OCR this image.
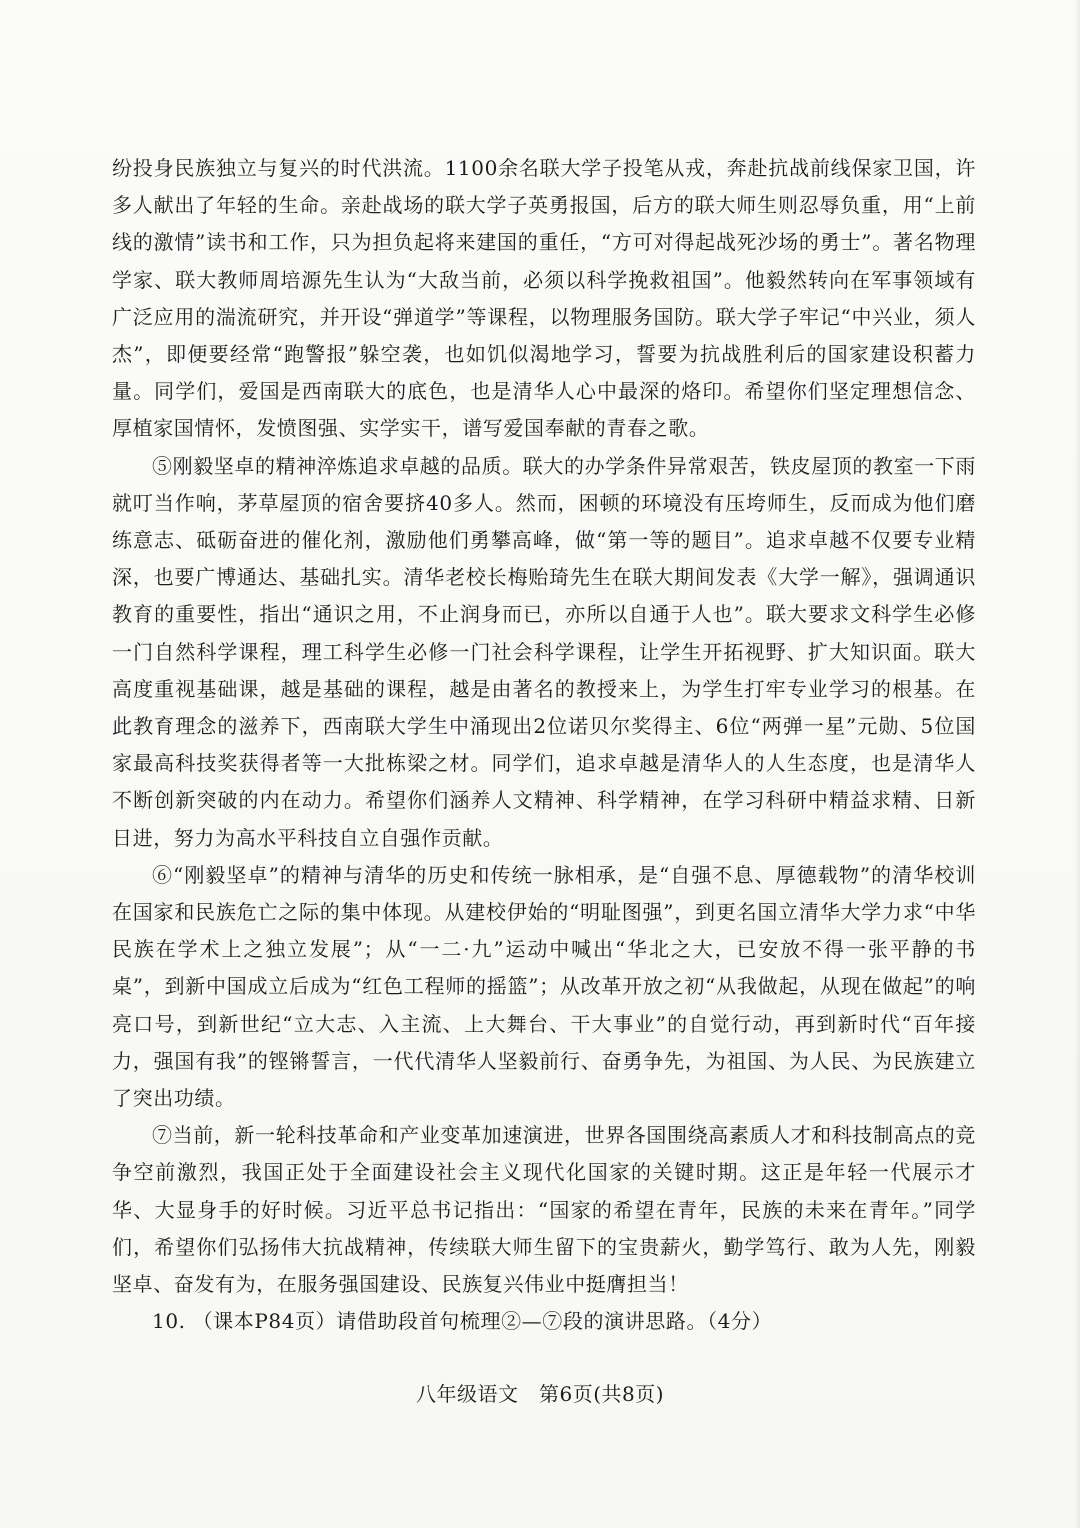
纷投身民族独立与复兴的时代洪流。1100余名联大学子投笔从戎，奔赴抗战前线保家卫国，许多人献出了年轻的生命。亲赴战场的联大学子英勇报国，后方的联大师生则忍辱负重，用“上前线的激情”读书和工作，只为担负起将来建国的重任，“方可对得起战死沙场的勇士”。著名物理学家、联大教师周培源先生认为“大敌当前，必须以科学挽救祖国”。他毅然转向在军事领域有广泛应用的湍流研究，并开设“弹道学”等课程，以物理服务国防。联大学子牢记“中兴业，须人杰”，即便要经常“跑警报”躲空袭，也如饥似渴地学习，誓要为抗战胜利后的国家建设积蓄力量。同学们，爱国是西南联大的底色，也是清华人心中最深的烙印。希望你们坚定理想信念、厚植家国情怀，发愤图强、实学实干，谱写爱国奉献的青春之歌。

⑤刚毅坚卓的精神淬炼追求卓越的品质。联大的办学条件异常艰苦，铁皮屋顶的教室一下雨就叮当作响，茅草屋顶的宿舍要挤40多人。然而，困顿的环境没有压垮师生，反而成为他们磨练意志、砥砺奋进的催化剂，激励他们勇攀高峰，做“第一等的题目”。追求卓越不仅要专业精深，也要广博通达、基础扎实。清华老校长梅贻琦先生在联大期间发表《大学一解》，强调通识教育的重要性，指出“通识之用，不止润身而已，亦所以自通于人也”。联大要求文科学生必修一门自然科学课程，理工科学生必修一门社会科学课程，让学生开拓视野、扩大知识面。联大高度重视基础课，越是基础的课程，越是由著名的教授来上，为学生打牢专业学习的根基。在此教育理念的滋养下，西南联大学生中涌现出2位诺贝尔奖得主、6位“两弹一星”元勋、5位国家最高科技奖获得者等一大批栋梁之材。同学们，追求卓越是清华人的人生态度，也是清华人不断创新突破的内在动力。希望你们涵养人文精神、科学精神，在学习科研中精益求精、日新日进，努力为高水平科技自立自强作贡献。

⑥“刚毅坚卓”的精神与清华的历史和传统一脉相承，是“自强不息、厚德载物”的清华校训在国家和民族危亡之际的集中体现。从建校伊始的“明耻图强”，到更名国立清华大学力求“中华民族在学术上之独立发展”；从“一二·九”运动中喊出“华北之大，已安放不得一张平静的书桌”，到新中国成立后成为“红色工程师的摇篮”；从改革开放之初“从我做起，从现在做起”的响亮口号，到新世纪“立大志、入主流、上大舞台、干大事业”的自觉行动，再到新时代“百年接力，强国有我”的铿锵誓言，一代代清华人坚毅前行、奋勇争先，为祖国、为人民、为民族建立了突出功绩。

⑦当前，新一轮科技革命和产业变革加速演进，世界各国围绕高素质人才和科技制高点的竞争空前激烈，我国正处于全面建设社会主义现代化国家的关键时期。这正是年轻一代展示才华、大显身手的好时候。习近平总书记指出：“国家的希望在青年，民族的未来在青年。”同学们，希望你们弘扬伟大抗战精神，传续联大师生留下的宝贵薪火，勤学笃行、敢为人先，刚毅坚卓、奋发有为，在服务强国建设、民族复兴伟业中挺膺担当！

10. （课本P84页）请借助段首句梳理②—⑦段的演讲思路。（4分）

八年级语文　第6页(共8页)
